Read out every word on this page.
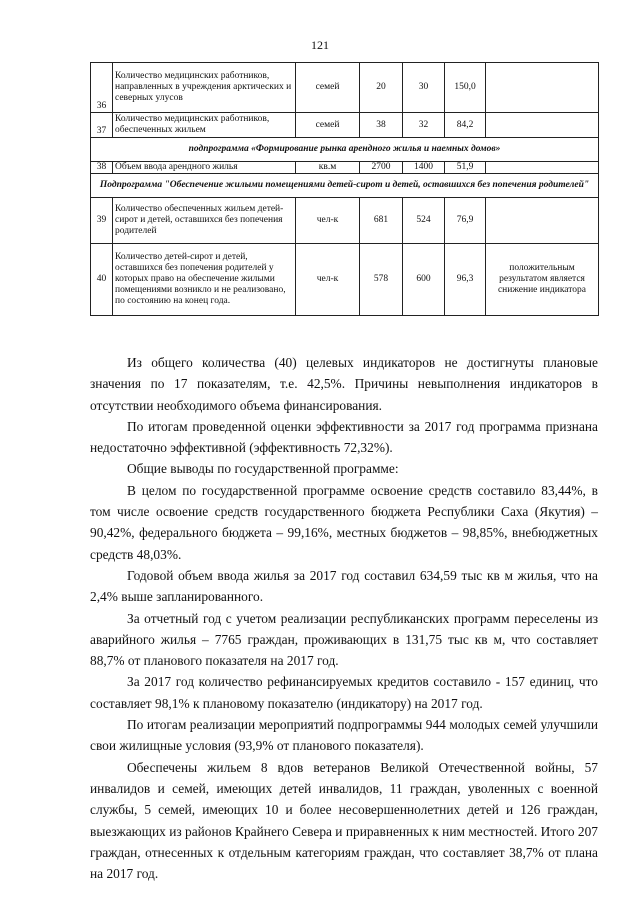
121
36	Количество медицинских работников, направленных в учреждения арктических и северных улусов	семей	20	30	150,0	
37	Количество медицинских работников, обеспеченных жильем	семей	38	32	84,2	
подпрограмма «Формирование рынка арендного жилья и наемных домов»						
38	Объем ввода арендного жилья	кв.м	2700	1400	51,9	
Подпрограмма "Обеспечение жилыми помещениями детей-сирот и детей, оставшихся без попечения родителей"						
39	Количество обеспеченных жильем детей-сирот и детей, оставшихся без попечения родителей	чел-к	681	524	76,9	
40	Количество детей-сирот и детей, оставшихся без попечения родителей у которых право на обеспечение жилыми помещениями возникло и не реализовано, по состоянию на конец года.	чел-к	578	600	96,3	положительным результатом является снижение индикатора

Из общего количества (40) целевых индикаторов не достигнуты плановые значения по 17 показателям, т.е. 42,5%. Причины невыполнения индикаторов в отсутствии необходимого объема финансирования.

По итогам проведенной оценки эффективности за 2017 год программа признана недостаточно эффективной (эффективность 72,32%).

Общие выводы по государственной программе:

В целом по государственной программе освоение средств составило 83,44%, в том числе освоение средств государственного бюджета Республики Саха (Якутия) – 90,42%, федерального бюджета – 99,16%, местных бюджетов – 98,85%, внебюджетных средств 48,03%.

Годовой объем ввода жилья за 2017 год составил 634,59 тыс кв м жилья, что на 2,4% выше запланированного.

За отчетный год с учетом реализации республиканских программ переселены из аварийного жилья – 7765 граждан, проживающих в 131,75 тыс кв м, что составляет 88,7% от планового показателя на 2017 год.

За 2017 год количество рефинансируемых кредитов составило - 157 единиц, что составляет 98,1% к плановому показателю (индикатору) на 2017 год.

По итогам реализации мероприятий подпрограммы 944 молодых семей улучшили свои жилищные условия (93,9% от планового показателя).

Обеспечены жильем 8 вдов ветеранов Великой Отечественной войны, 57 инвалидов и семей, имеющих детей инвалидов, 11 граждан, уволенных с военной службы, 5 семей, имеющих 10 и более несовершеннолетних детей и 126 граждан, выезжающих из районов Крайнего Севера и приравненных к ним местностей. Итого 207 граждан, отнесенных к отдельным категориям граждан, что составляет 38,7% от плана на 2017 год.
